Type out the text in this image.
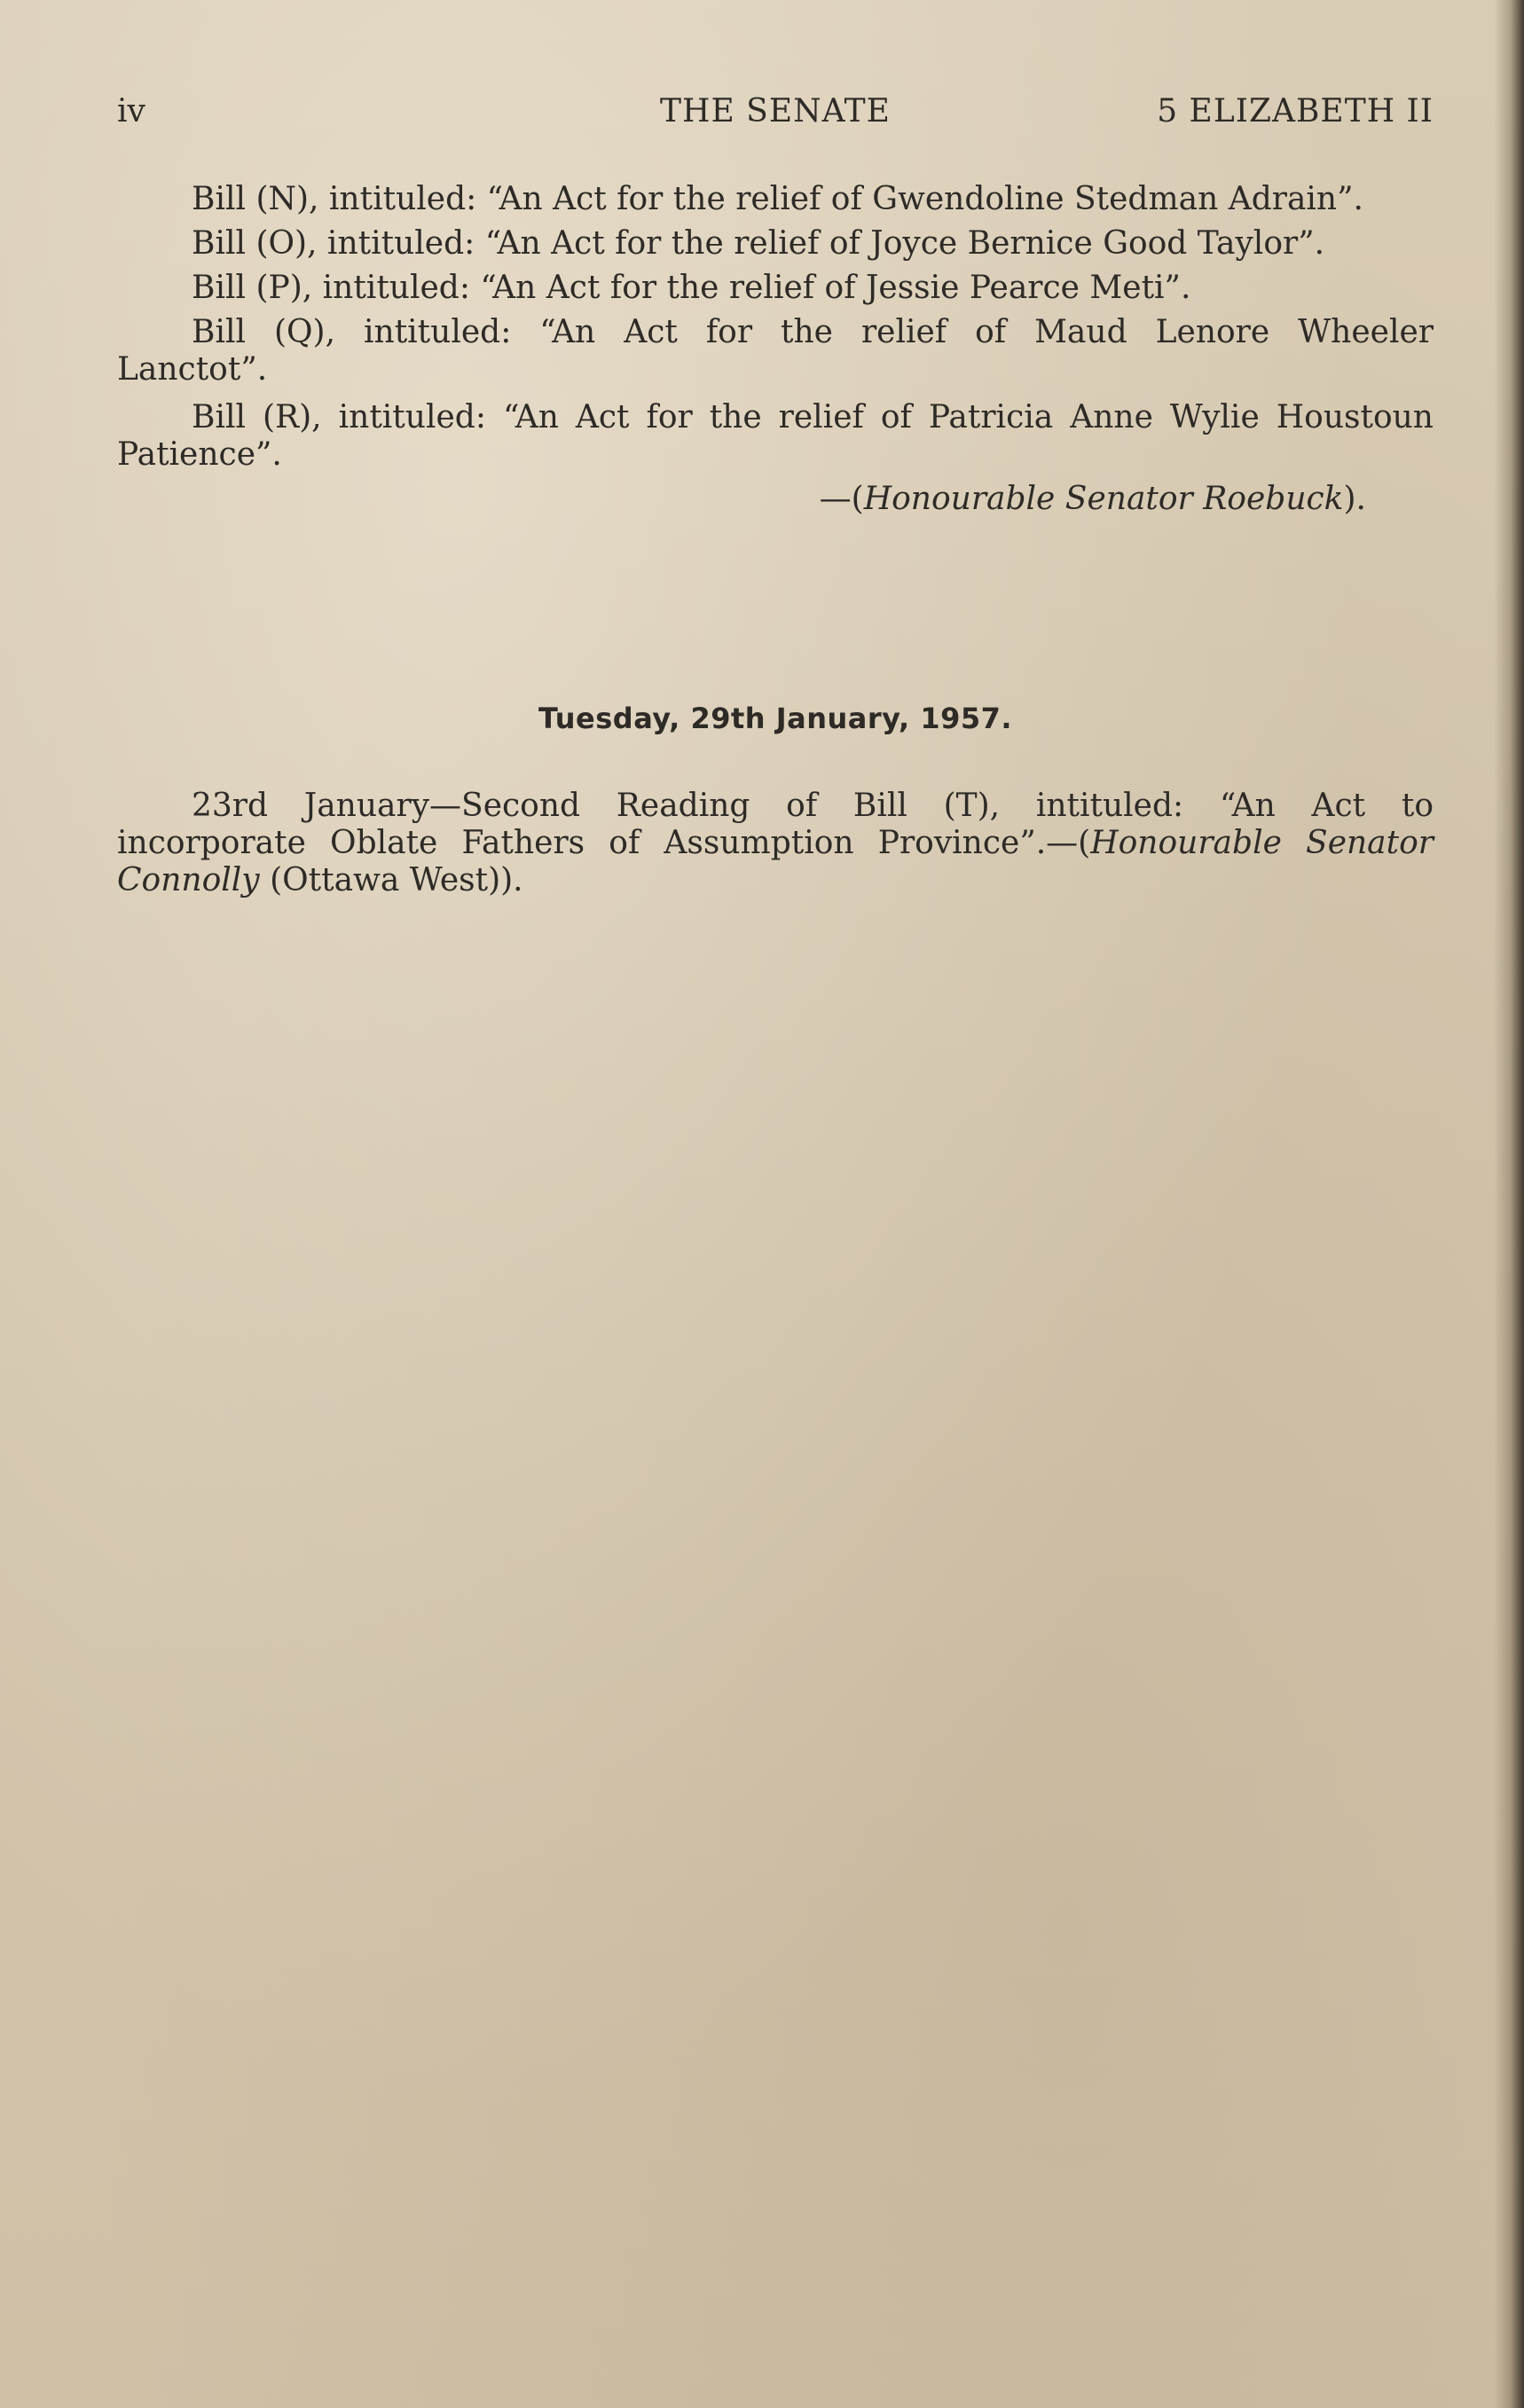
THE SENATE
iv	5 ELIZABETH II

Bill (N), intituled: “An Act for the relief of Gwendoline Stedman Adrain”.

Bill (O), intituled: “An Act for the relief of Joyce Bernice Good Taylor”.

Bill (P), intituled: “An Act for the relief of Jessie Pearce Meti”.

Bill (Q), intituled: “An Act for the relief of Maud Lenore Wheeler
Lanctot”.

Bill (R), intituled: “An Act for the relief of Patricia Anne Wylie Houstoun
Patience”.

—(Honourable Senator Roebuck).
Tuesday, 29th January, 1957.
23rd January—Second Reading of Bill (T), intituled: “An Act to
incorporate Oblate Fathers of Assumption Province”.—(Honourable Senator
Connolly (Ottawa West)).
